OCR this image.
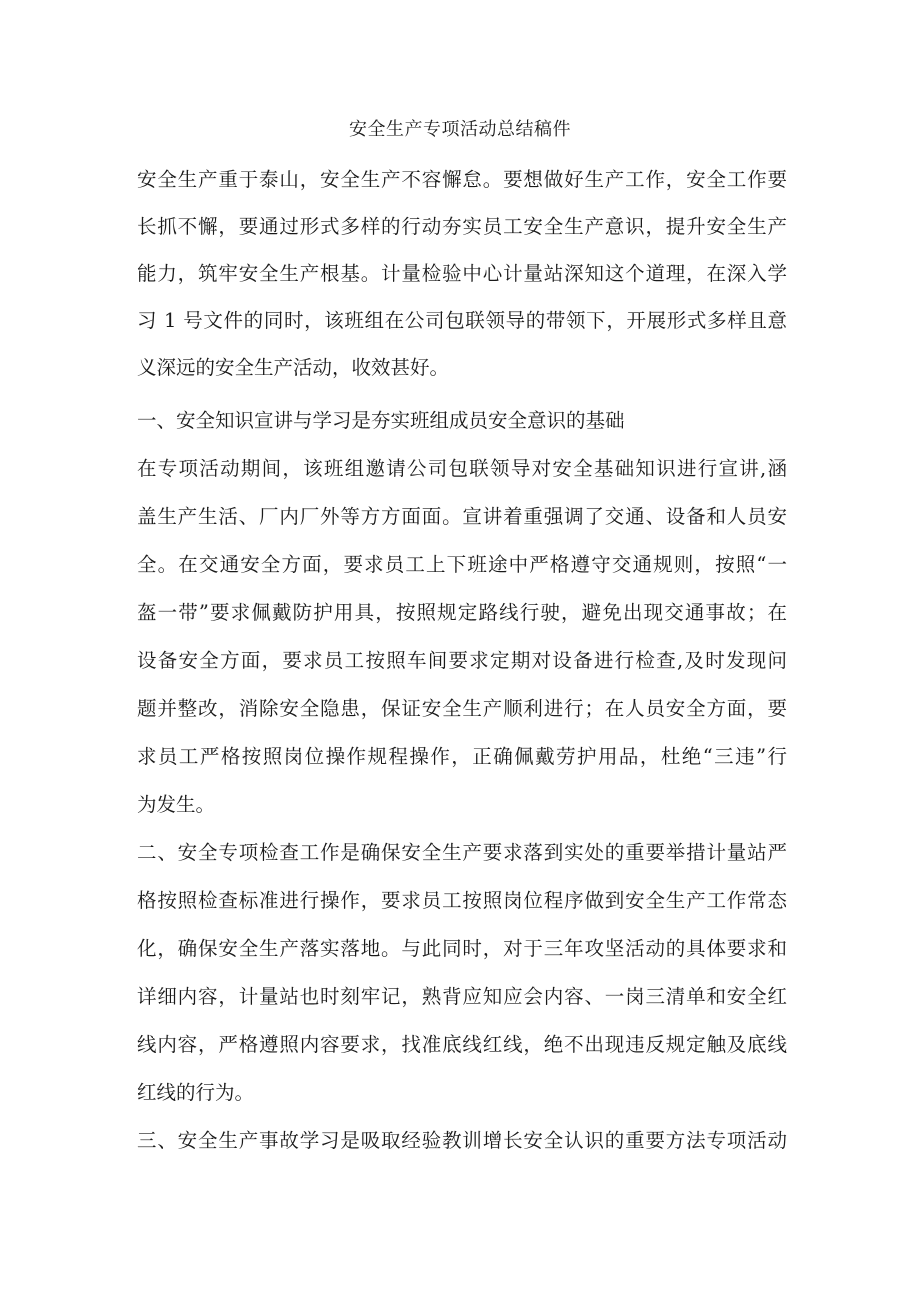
安全生产专项活动总结稿件
安全生产重于泰山，安全生产不容懈怠。要想做好生产工作，安全工作要
长抓不懈，要通过形式多样的行动夯实员工安全生产意识，提升安全生产
能力，筑牢安全生产根基。计量检验中心计量站深知这个道理，在深入学
习 1 号文件的同时，该班组在公司包联领导的带领下，开展形式多样且意
义深远的安全生产活动，收效甚好。
一、安全知识宣讲与学习是夯实班组成员安全意识的基础
在专项活动期间，该班组邀请公司包联领导对安全基础知识进行宣讲,涵
盖生产生活、厂内厂外等方方面面。宣讲着重强调了交通、设备和人员安
全。在交通安全方面，要求员工上下班途中严格遵守交通规则，按照“一
盔一带”要求佩戴防护用具，按照规定路线行驶，避免出现交通事故；在
设备安全方面，要求员工按照车间要求定期对设备进行检查,及时发现问
题并整改，消除安全隐患，保证安全生产顺利进行；在人员安全方面，要
求员工严格按照岗位操作规程操作，正确佩戴劳护用品，杜绝“三违”行
为发生。
二、安全专项检查工作是确保安全生产要求落到实处的重要举措计量站严
格按照检查标准进行操作，要求员工按照岗位程序做到安全生产工作常态
化，确保安全生产落实落地。与此同时，对于三年攻坚活动的具体要求和
详细内容，计量站也时刻牢记，熟背应知应会内容、一岗三清单和安全红
线内容，严格遵照内容要求，找准底线红线，绝不出现违反规定触及底线
红线的行为。
三、安全生产事故学习是吸取经验教训增长安全认识的重要方法专项活动
